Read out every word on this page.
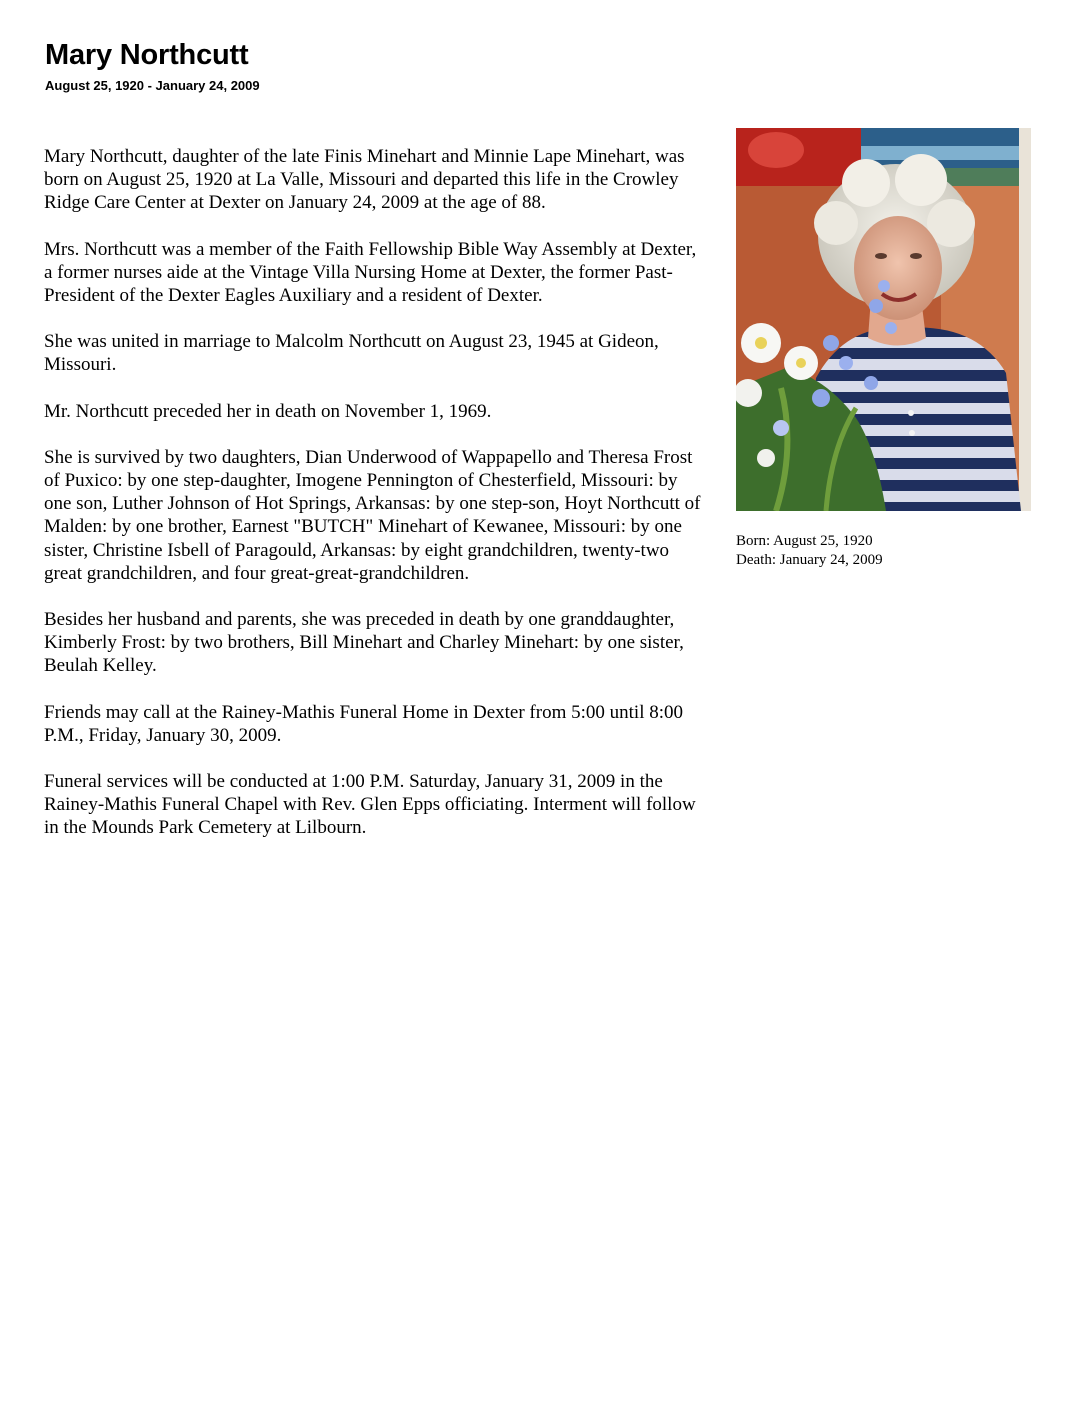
Mary Northcutt
August 25, 1920 - January 24, 2009

Mary Northcutt, daughter of the late Finis Minehart and Minnie Lape Minehart, was born on August 25, 1920 at La Valle, Missouri and departed this life in the Crowley Ridge Care Center at Dexter on January 24, 2009 at the age of 88.

Mrs. Northcutt was a member of the Faith Fellowship Bible Way Assembly at Dexter, a former nurses aide at the Vintage Villa Nursing Home at Dexter, the former Past-President of the Dexter Eagles Auxiliary and a resident of Dexter.

She was united in marriage to Malcolm Northcutt on August 23, 1945 at Gideon, Missouri.

Mr. Northcutt preceded her in death on November 1, 1969.

She is survived by two daughters, Dian Underwood of Wappapello and Theresa Frost of Puxico: by one step-daughter, Imogene Pennington of Chesterfield, Missouri: by one son, Luther Johnson of Hot Springs, Arkansas: by one step-son, Hoyt Northcutt of Malden: by one brother, Earnest "BUTCH" Minehart of Kewanee, Missouri: by one sister, Christine Isbell of Paragould, Arkansas: by eight grandchildren, twenty-two great grandchildren, and four great-great-grandchildren.

Besides her husband and parents, she was preceded in death by one granddaughter, Kimberly Frost: by two brothers, Bill Minehart and Charley Minehart: by one sister, Beulah Kelley.

Friends may call at the Rainey-Mathis Funeral Home in Dexter from 5:00 until 8:00 P.M., Friday, January 30, 2009.

Funeral services will be conducted at 1:00 P.M. Saturday, January 31, 2009 in the Rainey-Mathis Funeral Chapel with Rev. Glen Epps officiating. Interment will follow in the Mounds Park Cemetery at Lilbourn.

Born: August 25, 1920
Death: January 24, 2009
